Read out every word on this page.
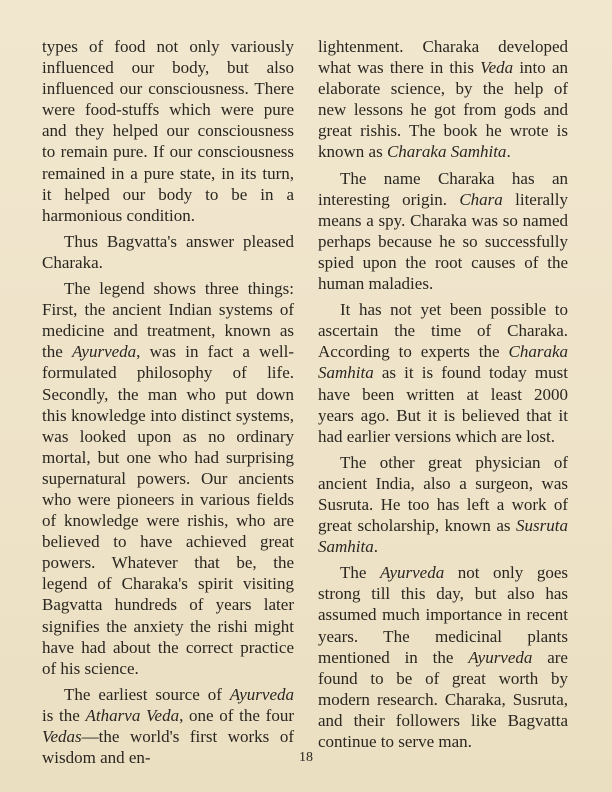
types of food not only variously influenced our body, but also influenced our consciousness. There were food-stuffs which were pure and they helped our consciousness to remain pure. If our consciousness remained in a pure state, in its turn, it helped our body to be in a harmonious condition.

Thus Bagvatta's answer pleased Charaka.

The legend shows three things: First, the ancient Indian systems of medicine and treatment, known as the Ayurveda, was in fact a well-formulated philosophy of life. Secondly, the man who put down this knowledge into distinct systems, was looked upon as no ordinary mortal, but one who had surprising supernatural powers. Our ancients who were pioneers in various fields of knowledge were rishis, who are believed to have achieved great powers. Whatever that be, the legend of Charaka's spirit visiting Bagvatta hundreds of years later signifies the anxiety the rishi might have had about the correct practice of his science.

The earliest source of Ayurveda is the Atharva Veda, one of the four Vedas—the world's first works of wisdom and en-

lightenment. Charaka developed what was there in this Veda into an elaborate science, by the help of new lessons he got from gods and great rishis. The book he wrote is known as Charaka Samhita.

The name Charaka has an interesting origin. Chara literally means a spy. Charaka was so named perhaps because he so successfully spied upon the root causes of the human maladies.

It has not yet been possible to ascertain the time of Charaka. According to experts the Charaka Samhita as it is found today must have been written at least 2000 years ago. But it is believed that it had earlier versions which are lost.

The other great physician of ancient India, also a surgeon, was Susruta. He too has left a work of great scholarship, known as Susruta Samhita.

The Ayurveda not only goes strong till this day, but also has assumed much importance in recent years. The medicinal plants mentioned in the Ayurveda are found to be of great worth by modern research. Charaka, Susruta, and their followers like Bagvatta continue to serve man.

18
